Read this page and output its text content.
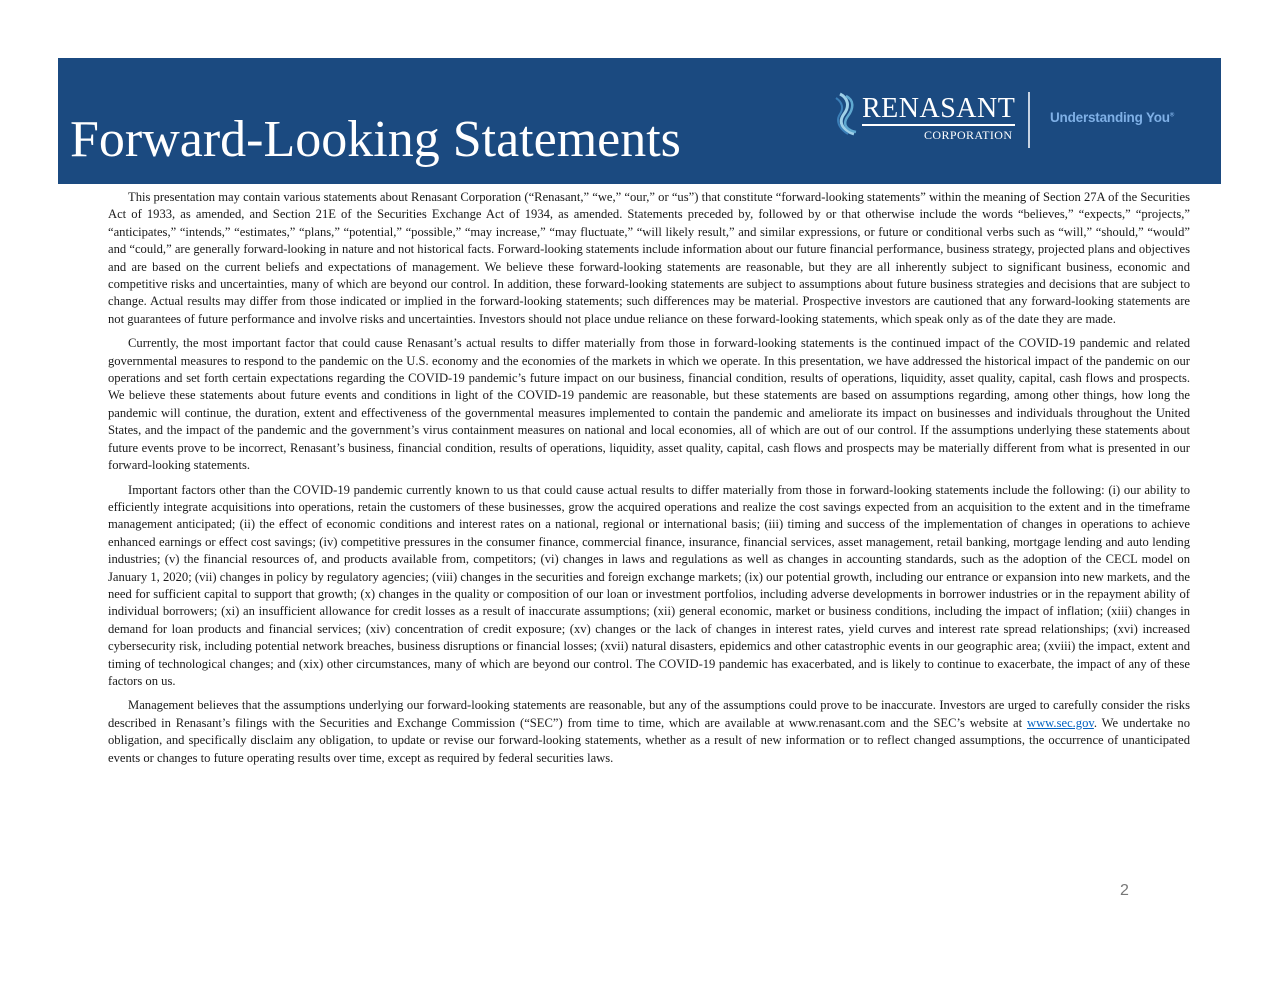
Forward-Looking Statements
RENASANT
CORPORATION
Understanding You®

This presentation may contain various statements about Renasant Corporation (“Renasant,” “we,” “our,” or “us”) that constitute “forward-looking statements” within the meaning of Section 27A of the Securities Act of 1933, as amended, and Section 21E of the Securities Exchange Act of 1934, as amended. Statements preceded by, followed by or that otherwise include the words “believes,” “expects,” “projects,” “anticipates,” “intends,” “estimates,” “plans,” “potential,” “possible,” “may increase,” “may fluctuate,” “will likely result,” and similar expressions, or future or conditional verbs such as “will,” “should,” “would” and “could,” are generally forward-looking in nature and not historical facts. Forward-looking statements include information about our future financial performance, business strategy, projected plans and objectives and are based on the current beliefs and expectations of management. We believe these forward-looking statements are reasonable, but they are all inherently subject to significant business, economic and competitive risks and uncertainties, many of which are beyond our control. In addition, these forward-looking statements are subject to assumptions about future business strategies and decisions that are subject to change. Actual results may differ from those indicated or implied in the forward-looking statements; such differences may be material. Prospective investors are cautioned that any forward-looking statements are not guarantees of future performance and involve risks and uncertainties. Investors should not place undue reliance on these forward-looking statements, which speak only as of the date they are made.

Currently, the most important factor that could cause Renasant’s actual results to differ materially from those in forward-looking statements is the continued impact of the COVID-19 pandemic and related governmental measures to respond to the pandemic on the U.S. economy and the economies of the markets in which we operate. In this presentation, we have addressed the historical impact of the pandemic on our operations and set forth certain expectations regarding the COVID-19 pandemic’s future impact on our business, financial condition, results of operations, liquidity, asset quality, capital, cash flows and prospects. We believe these statements about future events and conditions in light of the COVID-19 pandemic are reasonable, but these statements are based on assumptions regarding, among other things, how long the pandemic will continue, the duration, extent and effectiveness of the governmental measures implemented to contain the pandemic and ameliorate its impact on businesses and individuals throughout the United States, and the impact of the pandemic and the government’s virus containment measures on national and local economies, all of which are out of our control. If the assumptions underlying these statements about future events prove to be incorrect, Renasant’s business, financial condition, results of operations, liquidity, asset quality, capital, cash flows and prospects may be materially different from what is presented in our forward-looking statements.

Important factors other than the COVID-19 pandemic currently known to us that could cause actual results to differ materially from those in forward-looking statements include the following: (i) our ability to efficiently integrate acquisitions into operations, retain the customers of these businesses, grow the acquired operations and realize the cost savings expected from an acquisition to the extent and in the timeframe management anticipated; (ii) the effect of economic conditions and interest rates on a national, regional or international basis; (iii) timing and success of the implementation of changes in operations to achieve enhanced earnings or effect cost savings; (iv) competitive pressures in the consumer finance, commercial finance, insurance, financial services, asset management, retail banking, mortgage lending and auto lending industries; (v) the financial resources of, and products available from, competitors; (vi) changes in laws and regulations as well as changes in accounting standards, such as the adoption of the CECL model on January 1, 2020; (vii) changes in policy by regulatory agencies; (viii) changes in the securities and foreign exchange markets; (ix) our potential growth, including our entrance or expansion into new markets, and the need for sufficient capital to support that growth; (x) changes in the quality or composition of our loan or investment portfolios, including adverse developments in borrower industries or in the repayment ability of individual borrowers; (xi) an insufficient allowance for credit losses as a result of inaccurate assumptions; (xii) general economic, market or business conditions, including the impact of inflation; (xiii) changes in demand for loan products and financial services; (xiv) concentration of credit exposure; (xv) changes or the lack of changes in interest rates, yield curves and interest rate spread relationships; (xvi) increased cybersecurity risk, including potential network breaches, business disruptions or financial losses; (xvii) natural disasters, epidemics and other catastrophic events in our geographic area; (xviii) the impact, extent and timing of technological changes; and (xix) other circumstances, many of which are beyond our control. The COVID-19 pandemic has exacerbated, and is likely to continue to exacerbate, the impact of any of these factors on us.

Management believes that the assumptions underlying our forward-looking statements are reasonable, but any of the assumptions could prove to be inaccurate. Investors are urged to carefully consider the risks described in Renasant’s filings with the Securities and Exchange Commission (“SEC”) from time to time, which are available at www.renasant.com and the SEC’s website at www.sec.gov. We undertake no obligation, and specifically disclaim any obligation, to update or revise our forward-looking statements, whether as a result of new information or to reflect changed assumptions, the occurrence of unanticipated events or changes to future operating results over time, except as required by federal securities laws.

2
